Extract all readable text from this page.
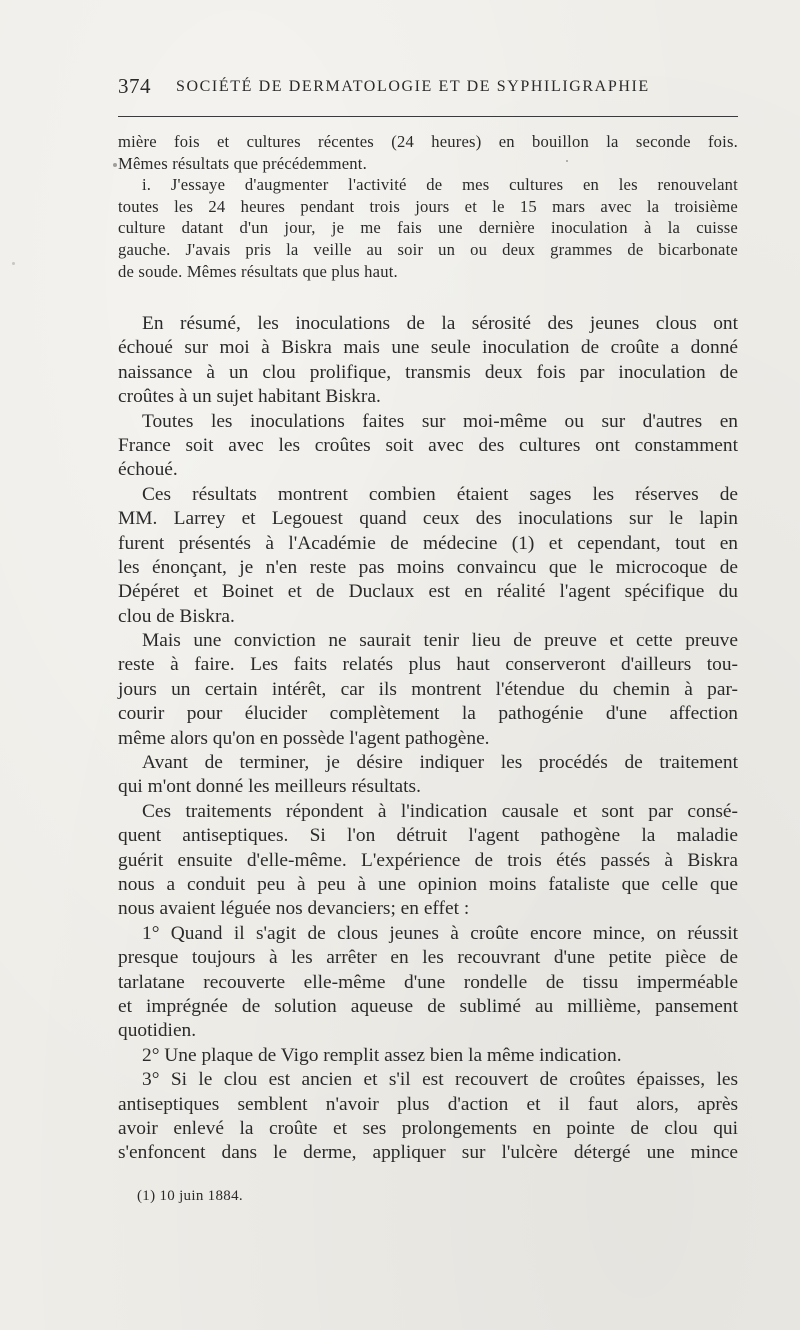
374 SOCIÉTÉ DE DERMATOLOGIE ET DE SYPHILIGRAPHIE
mière fois et cultures récentes (24 heures) en bouillon la seconde fois.
Mêmes résultats que précédemment.
i. J'essaye d'augmenter l'activité de mes cultures en les renouvelant
toutes les 24 heures pendant trois jours et le 15 mars avec la troisième
culture datant d'un jour, je me fais une dernière inoculation à la cuisse
gauche. J'avais pris la veille au soir un ou deux grammes de bicarbonate
de soude. Mêmes résultats que plus haut.
En résumé, les inoculations de la sérosité des jeunes clous ont
échoué sur moi à Biskra mais une seule inoculation de croûte a donné
naissance à un clou prolifique, transmis deux fois par inoculation de
croûtes à un sujet habitant Biskra.
Toutes les inoculations faites sur moi-même ou sur d'autres en
France soit avec les croûtes soit avec des cultures ont constamment
échoué.
Ces résultats montrent combien étaient sages les réserves de
MM. Larrey et Legouest quand ceux des inoculations sur le lapin
furent présentés à l'Académie de médecine (1) et cependant, tout en
les énonçant, je n'en reste pas moins convaincu que le microcoque de
Dépéret et Boinet et de Duclaux est en réalité l'agent spécifique du
clou de Biskra.
Mais une conviction ne saurait tenir lieu de preuve et cette preuve
reste à faire. Les faits relatés plus haut conserveront d'ailleurs tou-
jours un certain intérêt, car ils montrent l'étendue du chemin à par-
courir pour élucider complètement la pathogénie d'une affection
même alors qu'on en possède l'agent pathogène.
Avant de terminer, je désire indiquer les procédés de traitement
qui m'ont donné les meilleurs résultats.
Ces traitements répondent à l'indication causale et sont par consé-
quent antiseptiques. Si l'on détruit l'agent pathogène la maladie
guérit ensuite d'elle-même. L'expérience de trois étés passés à Biskra
nous a conduit peu à peu à une opinion moins fataliste que celle que
nous avaient léguée nos devanciers; en effet :
1° Quand il s'agit de clous jeunes à croûte encore mince, on réussit
presque toujours à les arrêter en les recouvrant d'une petite pièce de
tarlatane recouverte elle-même d'une rondelle de tissu imperméable
et imprégnée de solution aqueuse de sublimé au millième, pansement
quotidien.
2° Une plaque de Vigo remplit assez bien la même indication.
3° Si le clou est ancien et s'il est recouvert de croûtes épaisses, les
antiseptiques semblent n'avoir plus d'action et il faut alors, après
avoir enlevé la croûte et ses prolongements en pointe de clou qui
s'enfoncent dans le derme, appliquer sur l'ulcère détergé une mince
(1) 10 juin 1884.
